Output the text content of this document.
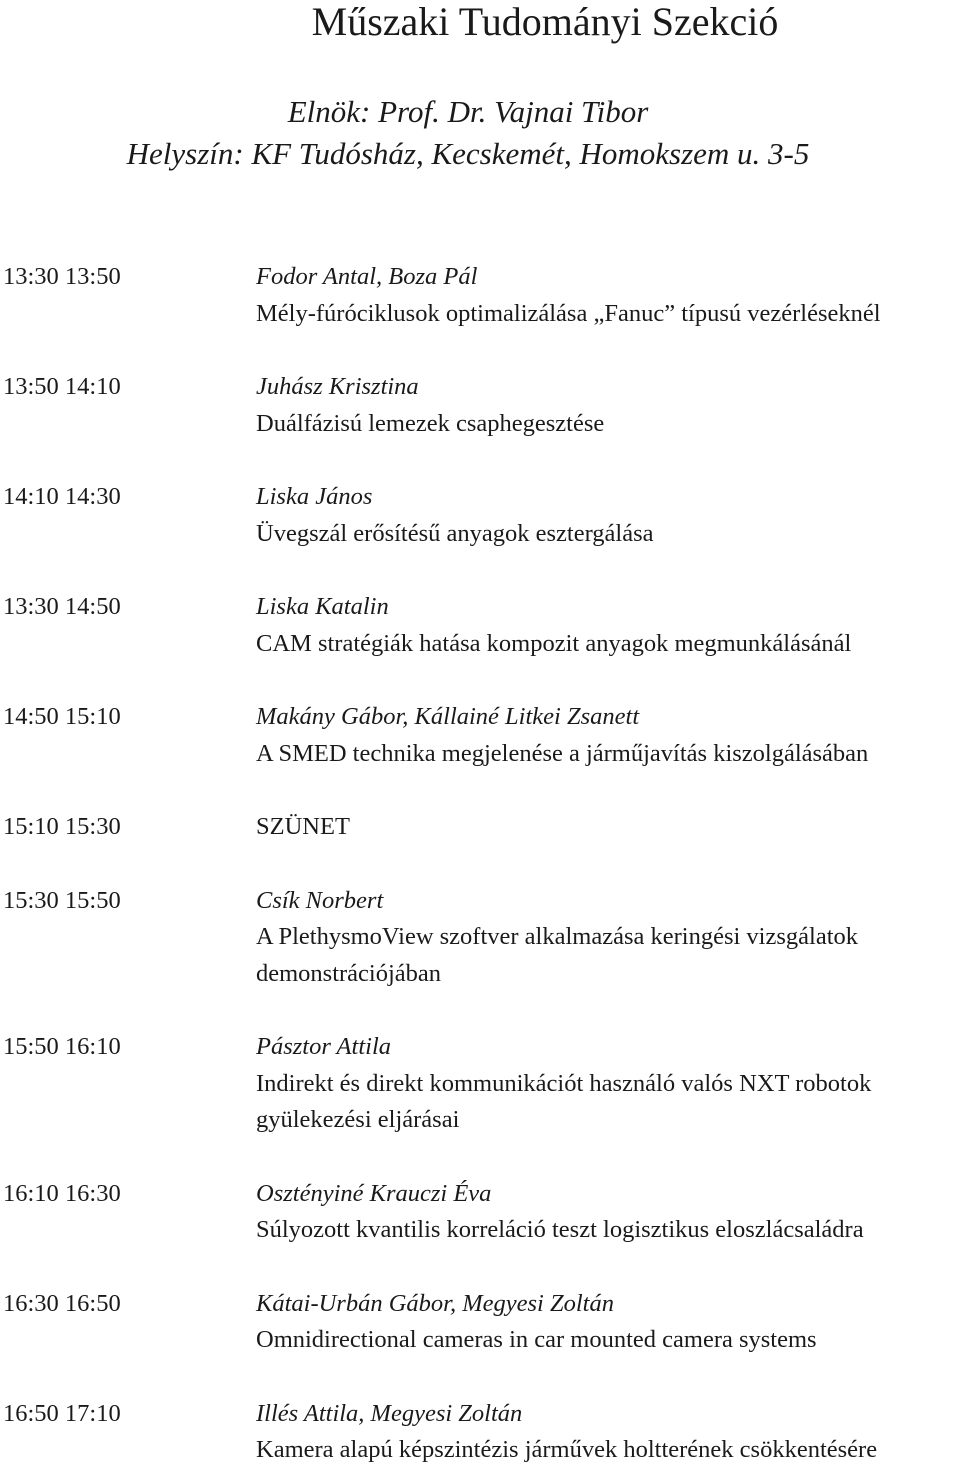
Műszaki Tudományi Szekció
Elnök: Prof. Dr. Vajnai Tibor
Helyszín: KF Tudósház, Kecskemét, Homokszem u. 3-5
13:30 13:50	Fodor Antal, Boza Pál
Mély-fúróciklusok optimalizálása „Fanuc” típusú vezérléseknél
13:50 14:10	Juhász Krisztina
Duálfázisú lemezek csaphegesztése
14:10 14:30	Liska János
Üvegszál erősítésű anyagok esztergálása
13:30 14:50	Liska Katalin
CAM stratégiák hatása kompozit anyagok megmunkálásánál
14:50 15:10	Makány Gábor, Kállainé Litkei Zsanett
A SMED technika megjelenése a járműjavítás kiszolgálásában
15:10 15:30	SZÜNET
15:30 15:50	Csík Norbert
A PlethysmoView szoftver alkalmazása keringési vizsgálatok
demonstrációjában
15:50 16:10	Pásztor Attila
Indirekt és direkt kommunikációt használó valós NXT robotok
gyülekezési eljárásai
16:10 16:30	Osztényiné Krauczi Éva
Súlyozott kvantilis korreláció teszt logisztikus eloszlácsaládra
16:30 16:50	Kátai-Urbán Gábor, Megyesi Zoltán
Omnidirectional cameras in car mounted camera systems
16:50 17:10	Illés Attila, Megyesi Zoltán
Kamera alapú képszintézis járművek holtterének csökkentésére
